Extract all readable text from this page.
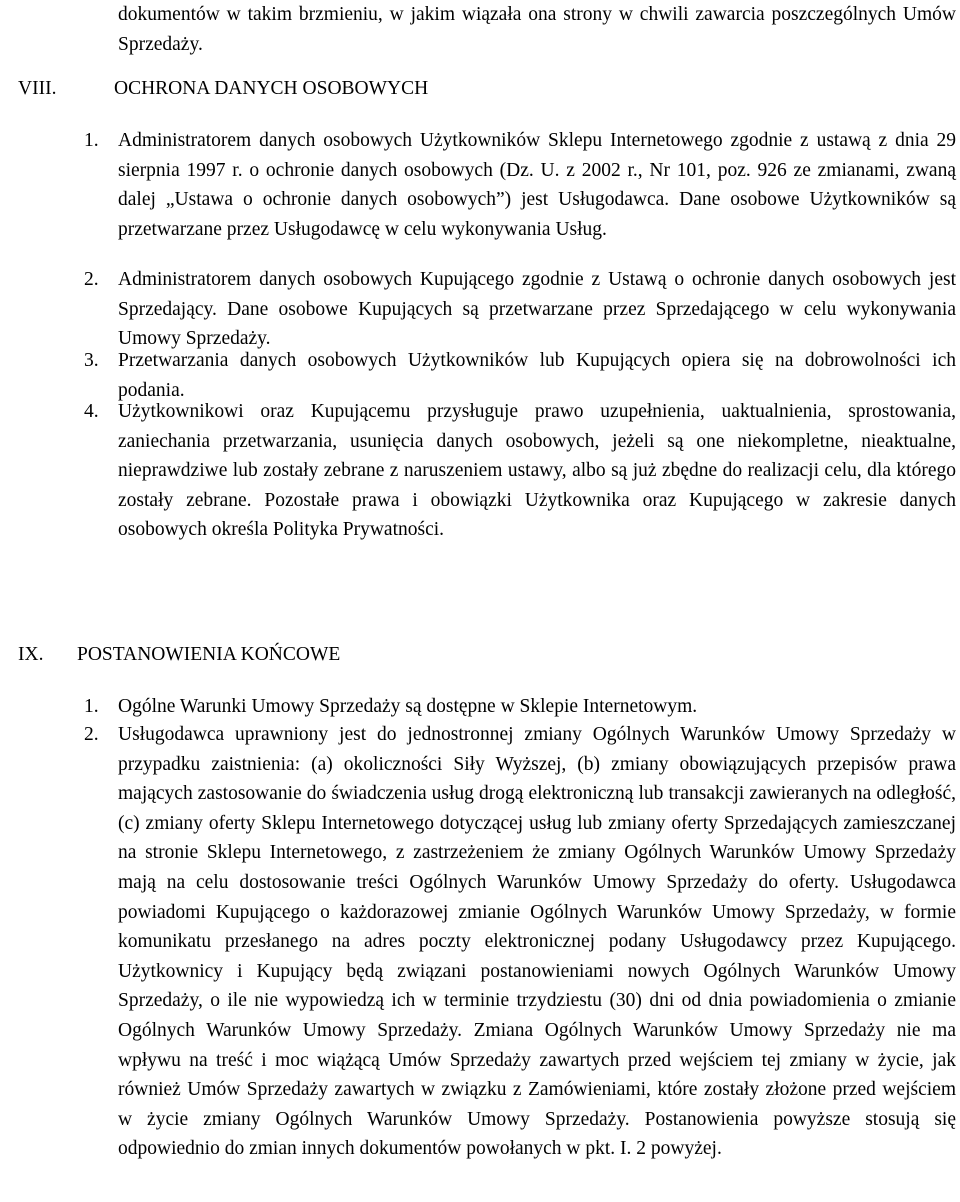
dokumentów w takim brzmieniu, w jakim wiązała ona strony w chwili zawarcia poszczególnych Umów Sprzedaży.

VIII.	OCHRONA DANYCH OSOBOWYCH
1. Administratorem danych osobowych Użytkowników Sklepu Internetowego zgodnie z ustawą z dnia 29 sierpnia 1997 r. o ochronie danych osobowych (Dz. U. z 2002 r., Nr 101, poz. 926 ze zmianami, zwaną dalej „Ustawa o ochronie danych osobowych”) jest Usługodawca. Dane osobowe Użytkowników są przetwarzane przez Usługodawcę w celu wykonywania Usług.

2. Administratorem danych osobowych Kupującego zgodnie z Ustawą o ochronie danych osobowych jest Sprzedający. Dane osobowe Kupujących są przetwarzane przez Sprzedającego w celu wykonywania Umowy Sprzedaży.

3. Przetwarzania danych osobowych Użytkowników lub Kupujących opiera się na dobrowolności ich podania.

4. Użytkownikowi oraz Kupującemu przysługuje prawo uzupełnienia, uaktualnienia, sprostowania, zaniechania przetwarzania, usunięcia danych osobowych, jeżeli są one niekompletne, nieaktualne, nieprawdziwe lub zostały zebrane z naruszeniem ustawy, albo są już zbędne do realizacji celu, dla którego zostały zebrane. Pozostałe prawa i obowiązki Użytkownika oraz Kupującego w zakresie danych osobowych określa Polityka Prywatności.

IX. POSTANOWIENIA KOŃCOWE
1. Ogólne Warunki Umowy Sprzedaży są dostępne w Sklepie Internetowym.

2. Usługodawca uprawniony jest do jednostronnej zmiany Ogólnych Warunków Umowy Sprzedaży w przypadku zaistnienia: (a) okoliczności Siły Wyższej, (b) zmiany obowiązujących przepisów prawa mających zastosowanie do świadczenia usług drogą elektroniczną lub transakcji zawieranych na odległość, (c) zmiany oferty Sklepu Internetowego dotyczącej usług lub zmiany oferty Sprzedających zamieszczanej na stronie Sklepu Internetowego, z zastrzeżeniem że zmiany Ogólnych Warunków Umowy Sprzedaży mają na celu dostosowanie treści Ogólnych Warunków Umowy Sprzedaży do oferty. Usługodawca powiadomi Kupującego o każdorazowej zmianie Ogólnych Warunków Umowy Sprzedaży, w formie komunikatu przesłanego na adres poczty elektronicznej podany Usługodawcy przez Kupującego. Użytkownicy i Kupujący będą związani postanowieniami nowych Ogólnych Warunków Umowy Sprzedaży, o ile nie wypowiedzą ich w terminie trzydziestu (30) dni od dnia powiadomienia o zmianie Ogólnych Warunków Umowy Sprzedaży. Zmiana Ogólnych Warunków Umowy Sprzedaży nie ma wpływu na treść i moc wiążącą Umów Sprzedaży zawartych przed wejściem tej zmiany w życie, jak również Umów Sprzedaży zawartych w związku z Zamówieniami, które zostały złożone przed wejściem w życie zmiany Ogólnych Warunków Umowy Sprzedaży. Postanowienia powyższe stosują się odpowiednio do zmian innych dokumentów powołanych w pkt. I. 2 powyżej.
